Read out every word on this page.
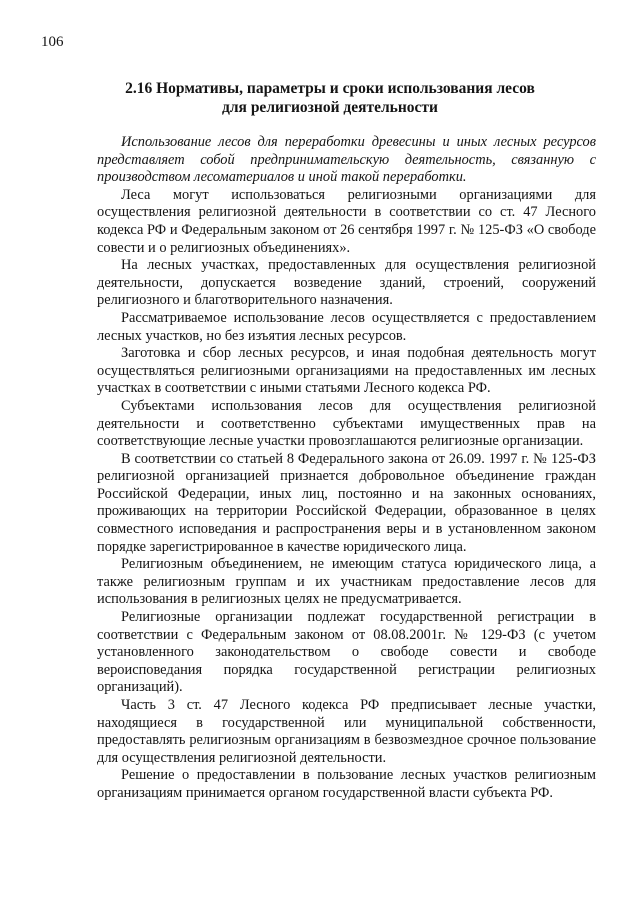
106
2.16 Нормативы, параметры и сроки использования лесов для религиозной деятельности

Использование лесов для переработки древесины и иных лесных ресурсов представляет собой предпринимательскую деятельность, связанную с производством лесоматериалов и иной такой переработки.

Леса могут использоваться религиозными организациями для осуществления религиозной деятельности в соответствии со ст. 47 Лесного кодекса РФ и Федеральным законом от 26 сентября 1997 г. № 125-ФЗ «О свободе совести и о религиозных объединениях».

На лесных участках, предоставленных для осуществления религиозной деятельности, допускается возведение зданий, строений, сооружений религиозного и благотворительного назначения.

Рассматриваемое использование лесов осуществляется с предоставлением лесных участков, но без изъятия лесных ресурсов.

Заготовка и сбор лесных ресурсов, и иная подобная деятельность могут осуществляться религиозными организациями на предоставленных им лесных участках в соответствии с иными статьями Лесного кодекса РФ.

Субъектами использования лесов для осуществления религиозной деятельности и соответственно субъектами имущественных прав на соответствующие лесные участки провозглашаются религиозные организации.

В соответствии со статьей 8 Федерального закона от 26.09. 1997 г. № 125-ФЗ религиозной организацией признается добровольное объединение граждан Российской Федерации, иных лиц, постоянно и на законных основаниях, проживающих на территории Российской Федерации, образованное в целях совместного исповедания и распространения веры и в установленном законом порядке зарегистрированное в качестве юридического лица.

Религиозным объединением, не имеющим статуса юридического лица, а также религиозным группам и их участникам предоставление лесов для использования в религиозных целях не предусматривается.

Религиозные организации подлежат государственной регистрации в соответствии с Федеральным законом от 08.08.2001г. № 129-ФЗ (с учетом установленного законодательством о свободе совести и свободе вероисповедания порядка государственной регистрации религиозных организаций).

Часть 3 ст. 47 Лесного кодекса РФ предписывает лесные участки, находящиеся в государственной или муниципальной собственности, предоставлять религиозным организациям в безвозмездное срочное пользование для осуществления религиозной деятельности.

Решение о предоставлении в пользование лесных участков религиозным организациям принимается органом государственной власти субъекта РФ.
